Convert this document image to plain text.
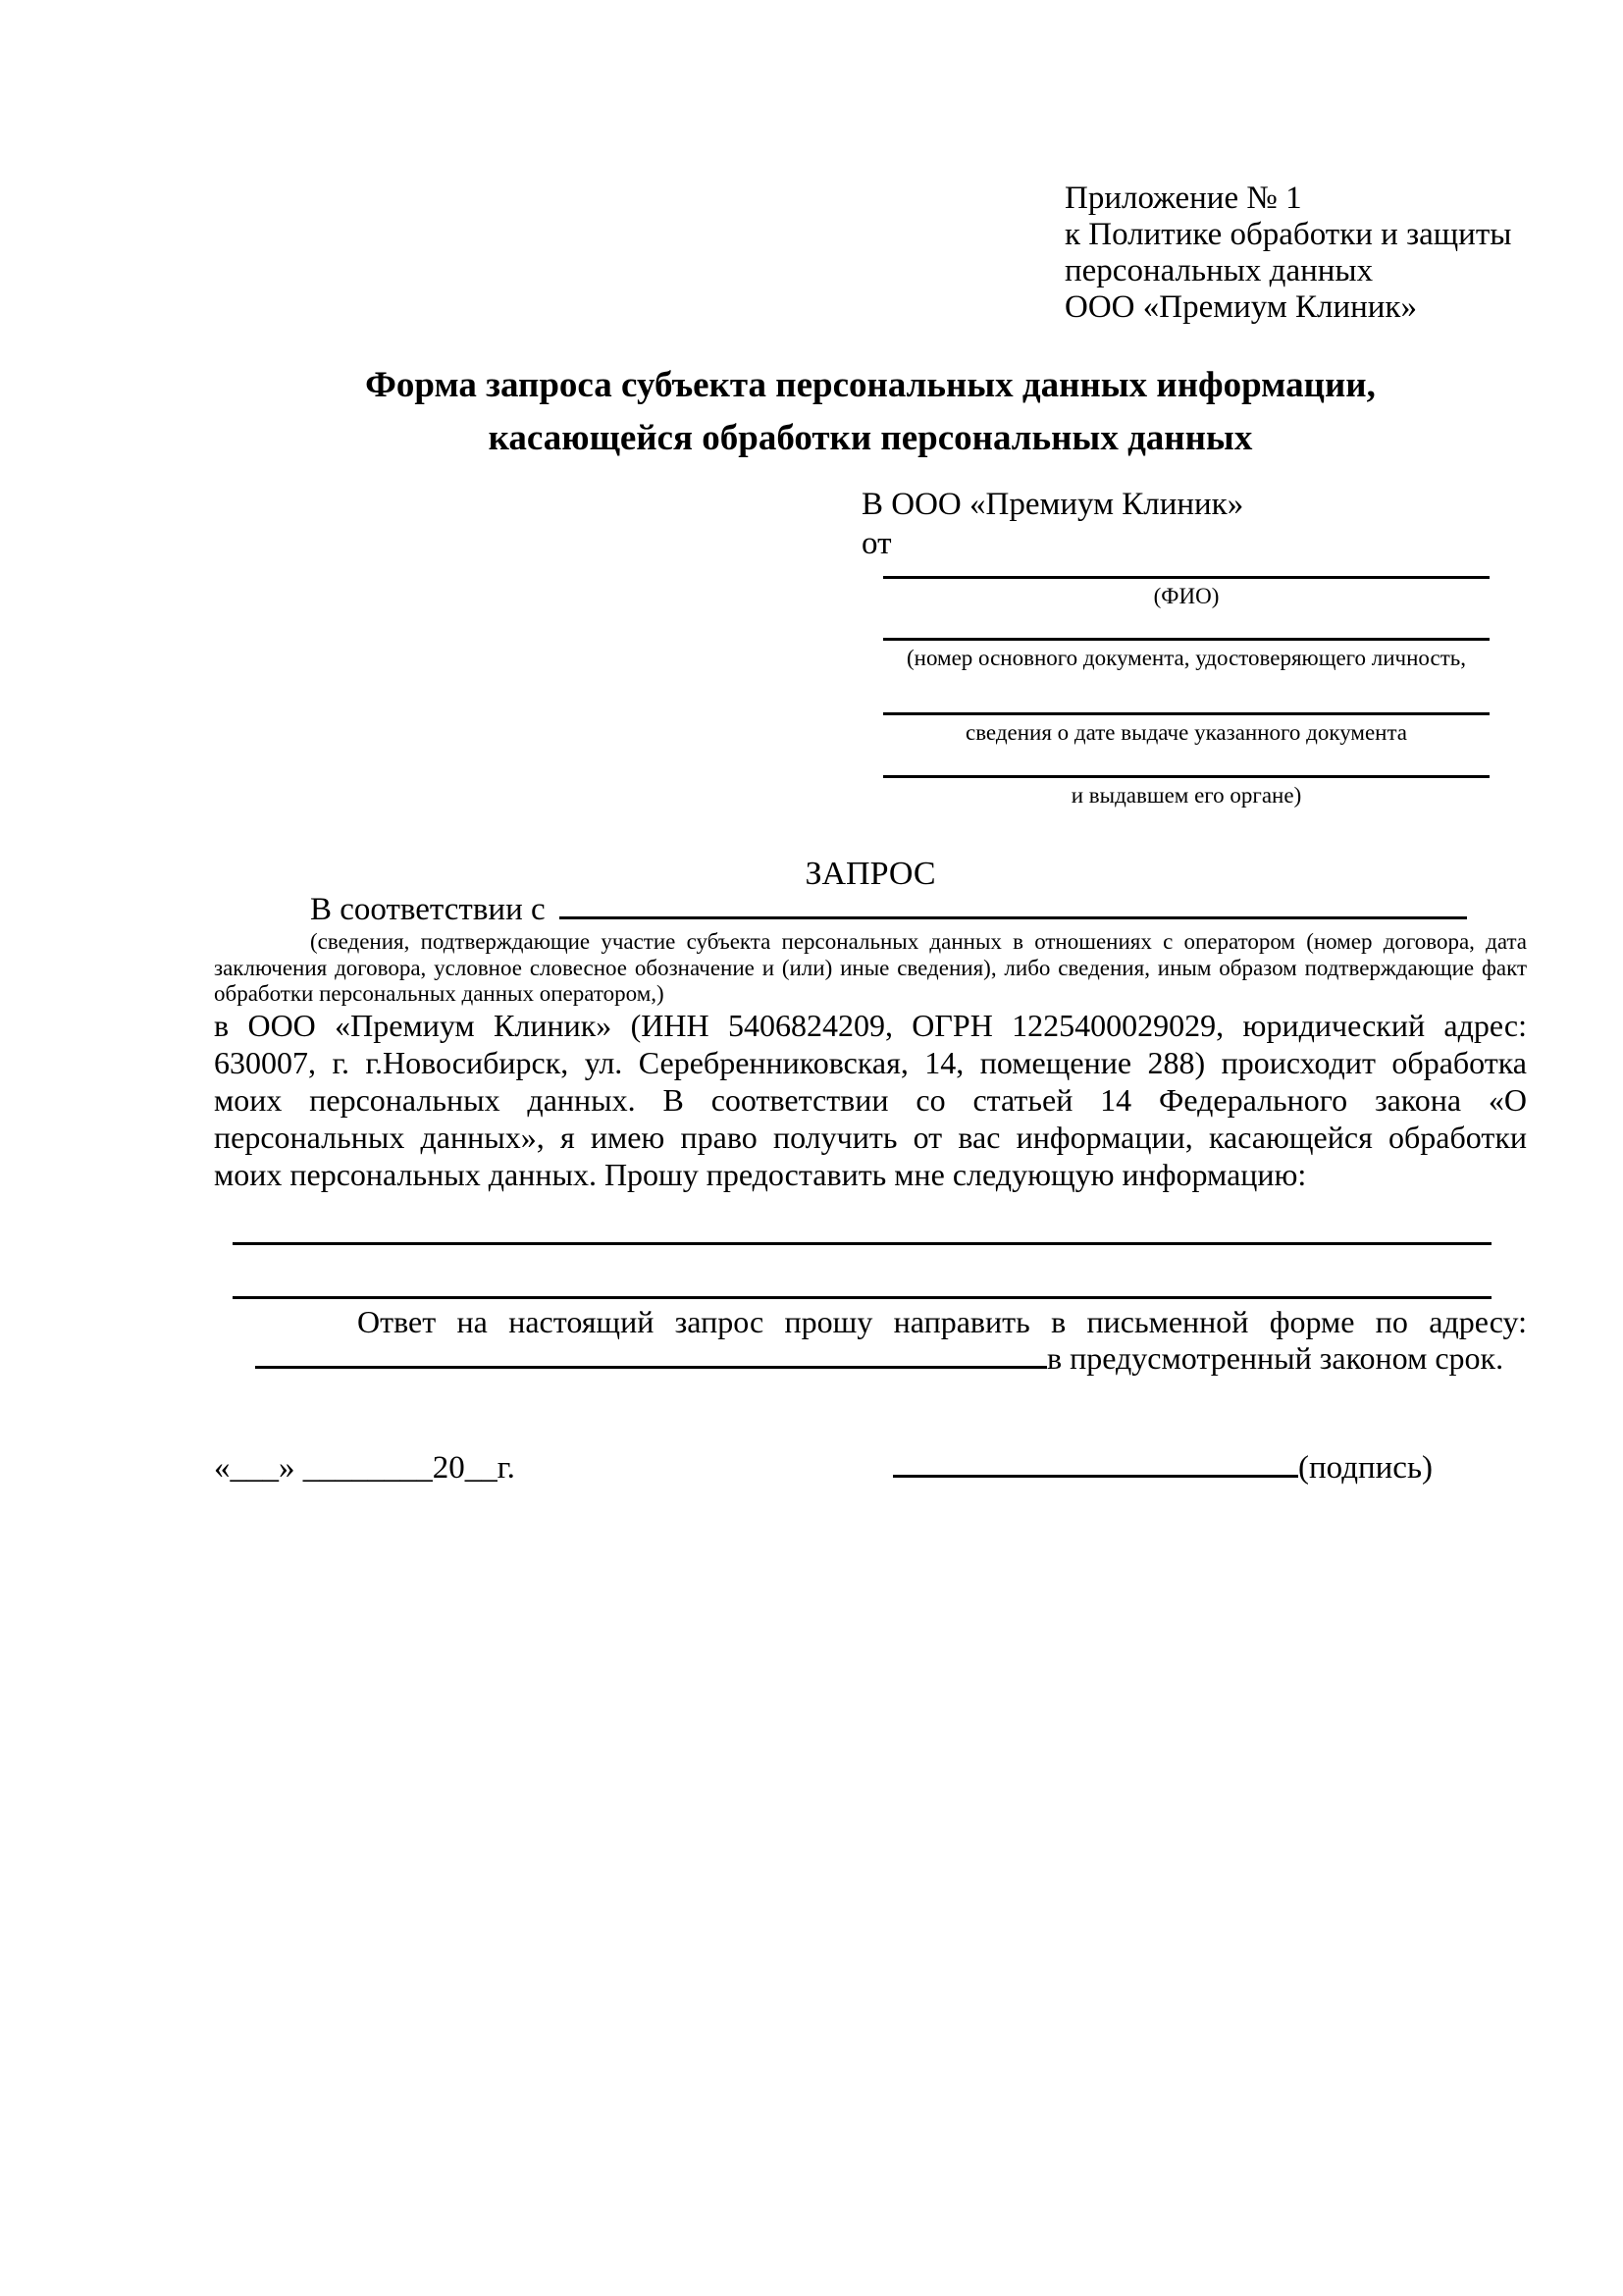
Приложение № 1
к Политике обработки и защиты
персональных данных
ООО «Премиум Клиник»
Форма запроса субъекта персональных данных информации,
касающейся обработки персональных данных
В ООО «Премиум Клиник»
от
(ФИО)
(номер основного документа, удостоверяющего личность,
сведения о дате выдаче указанного документа
и выдавшем его органе)
ЗАПРОС
В соответствии с
(сведения, подтверждающие участие субъекта персональных данных в отношениях с оператором (номер договора, дата
заключения договора, условное словесное обозначение и (или) иные сведения), либо сведения, иным образом подтверждающие факт
обработки персональных данных оператором,)
в ООО «Премиум Клиник» (ИНН 5406824209, ОГРН 1225400029029, юридический адрес:
630007, г. г.Новосибирск, ул. Серебренниковская, 14, помещение 288) происходит обработка
моих персональных данных. В соответствии со статьей 14 Федерального закона «О
персональных данных», я имею право получить от вас информации, касающейся обработки
моих персональных данных. Прошу предоставить мне следующую информацию:
Ответ на настоящий запрос прошу направить в письменной форме по адресу:
в предусмотренный законом срок.
«___» ________20__г.	(подпись)
